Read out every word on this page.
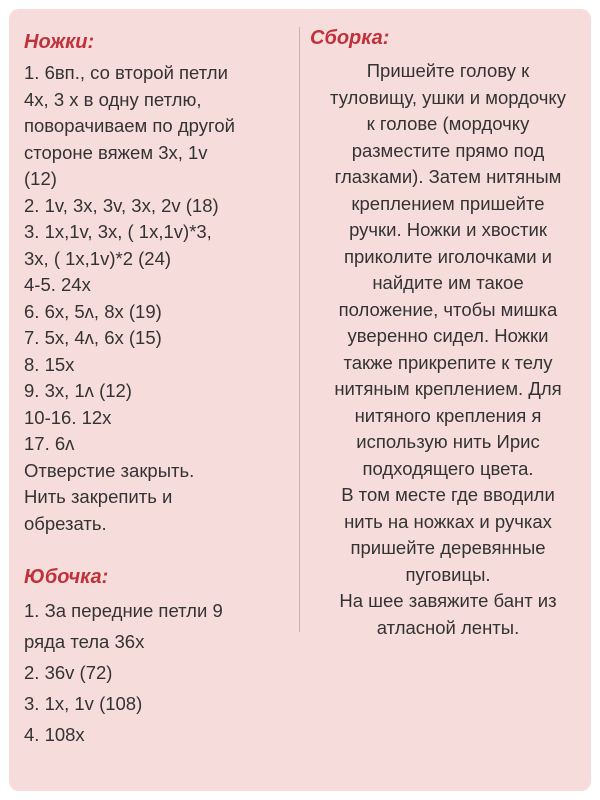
Ножки:
1. 6вп., со второй петли
4х, 3 х в одну петлю,
поворачиваем по другой
стороне вяжем 3х, 1v
(12)
2. 1v, 3х, 3v, 3х, 2v (18)
3. 1х,1v, 3х, ( 1х,1v)*3,
3х, ( 1х,1v)*2 (24)
4-5. 24х
6. 6х, 5ʌ, 8х (19)
7. 5х, 4ʌ, 6х (15)
8. 15х
9. 3х, 1ʌ (12)
10-16. 12х
17. 6ʌ
Отверстие закрыть.
Нить закрепить и
обрезать.
Юбочка:
1. За передние петли 9
ряда тела 36х
2. 36v (72)
3. 1х, 1v (108)
4. 108х
Сборка:
Пришейте голову к
туловищу, ушки и мордочку
к голове (мордочку
разместите прямо под
глазками). Затем нитяным
креплением пришейте
ручки. Ножки и хвостик
приколите иголочками и
найдите им такое
положение, чтобы мишка
уверенно сидел. Ножки
также прикрепите к телу
нитяным креплением. Для
нитяного крепления я
использую нить Ирис
подходящего цвета.
В том месте где вводили
нить на ножках и ручках
пришейте деревянные
пуговицы.
На шее завяжите бант из
атласной ленты.
